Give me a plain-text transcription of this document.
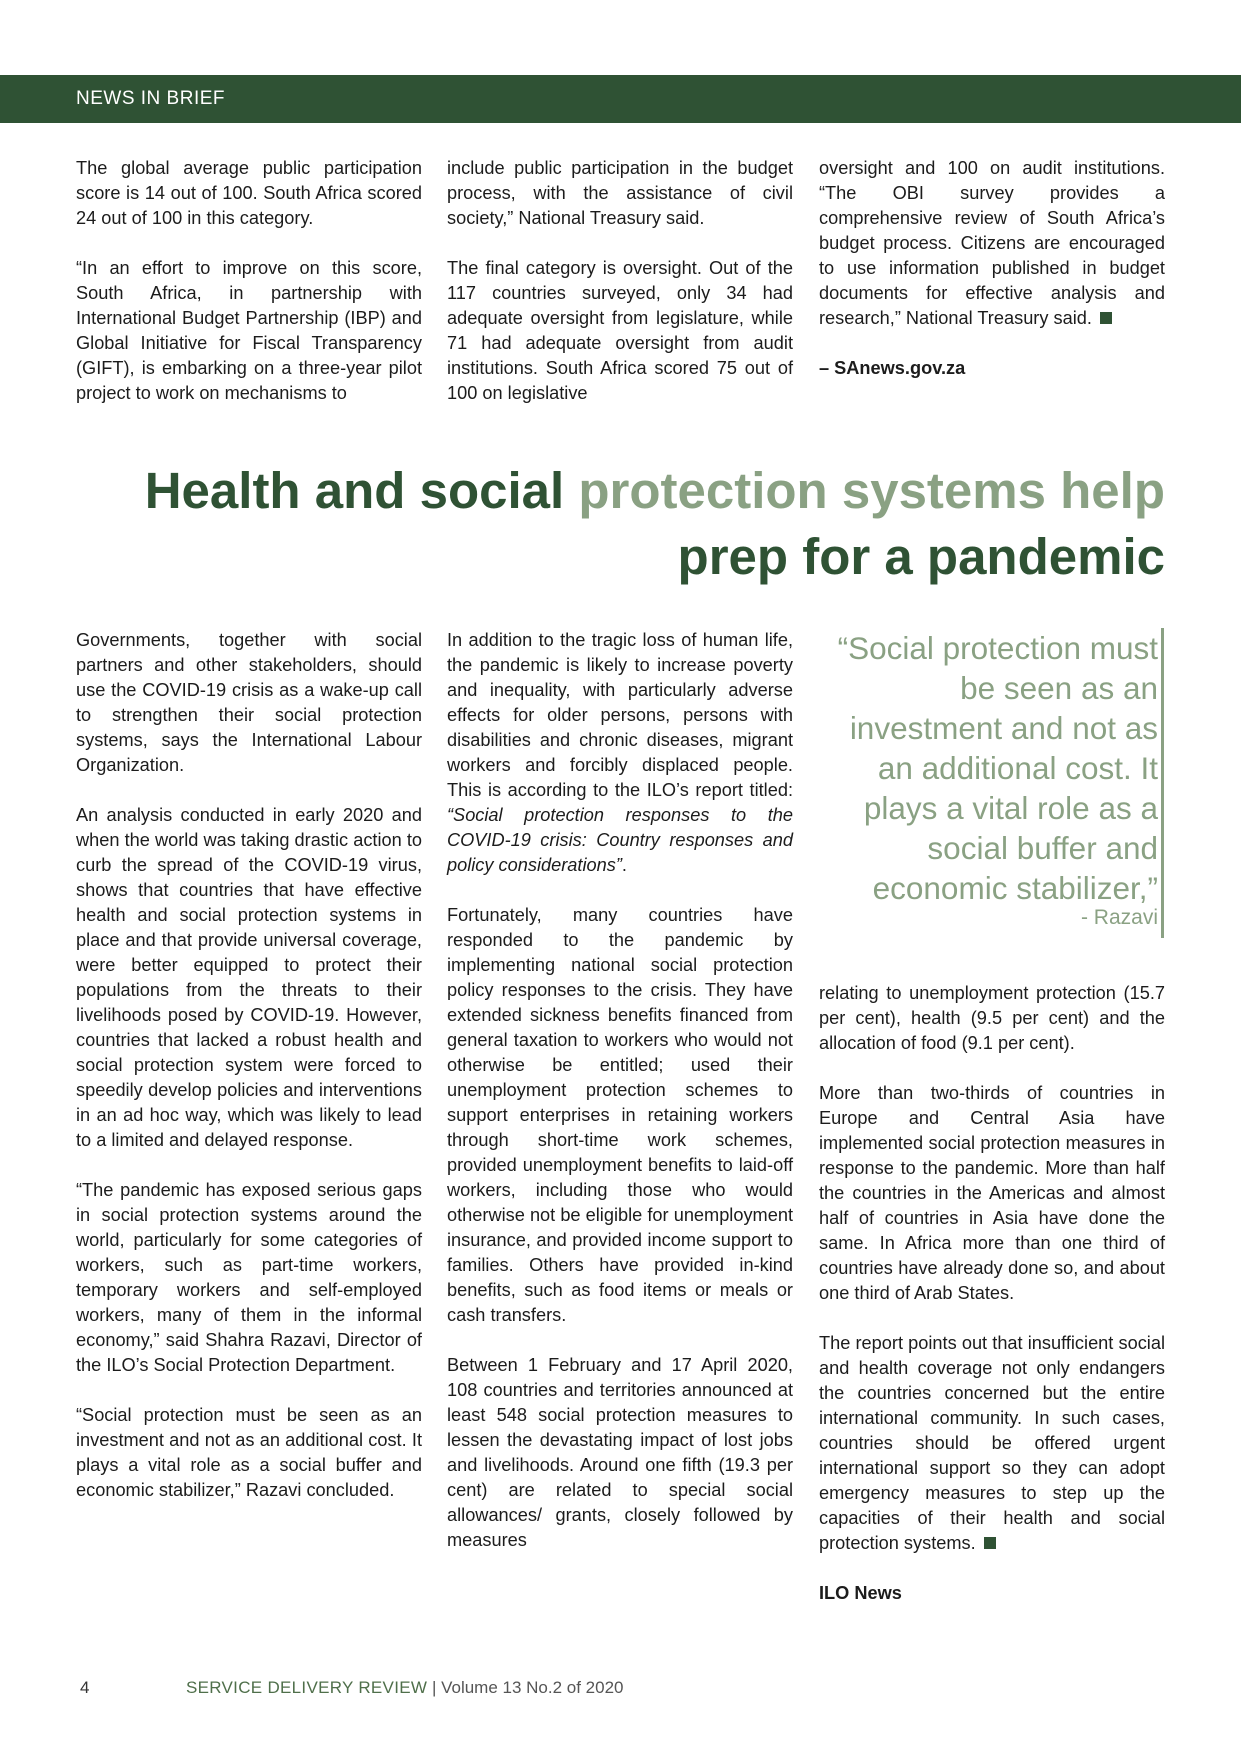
NEWS IN BRIEF

The global average public participation score is 14 out of 100. South Africa scored 24 out of 100 in this category.

“In an effort to improve on this score, South Africa, in partnership with International Budget Partnership (IBP) and Global Initiative for Fiscal Transparency (GIFT), is embarking on a three-year pilot project to work on mechanisms to

include public participation in the budget process, with the assistance of civil society,” National Treasury said.

The final category is oversight. Out of the 117 countries surveyed, only 34 had adequate oversight from legislature, while 71 had adequate oversight from audit institutions. South Africa scored 75 out of 100 on legislative

oversight and 100 on audit institutions. “The OBI survey provides a comprehensive review of South Africa’s budget process. Citizens are encouraged to use information published in budget documents for effective analysis and research,” National Treasury said.

– SAnews.gov.za

Health and social protection systems help
prep for a pandemic

Governments, together with social partners and other stakeholders, should use the COVID-19 crisis as a wake-up call to strengthen their social protection systems, says the International Labour Organization.

An analysis conducted in early 2020 and when the world was taking drastic action to curb the spread of the COVID-19 virus, shows that countries that have effective health and social protection systems in place and that provide universal coverage, were better equipped to protect their populations from the threats to their livelihoods posed by COVID-19. However, countries that lacked a robust health and social protection system were forced to speedily develop policies and interventions in an ad hoc way, which was likely to lead to a limited and delayed response.

“The pandemic has exposed serious gaps in social protection systems around the world, particularly for some categories of workers, such as part-time workers, temporary workers and self-employed workers, many of them in the informal economy,” said Shahra Razavi, Director of the ILO’s Social Protection Department.

“Social protection must be seen as an investment and not as an additional cost. It plays a vital role as a social buffer and economic stabilizer,” Razavi concluded.

In addition to the tragic loss of human life, the pandemic is likely to increase poverty and inequality, with particularly adverse effects for older persons, persons with disabilities and chronic diseases, migrant workers and forcibly displaced people. This is according to the ILO’s report titled: “Social protection responses to the COVID-19 crisis: Country responses and policy considerations”.

Fortunately, many countries have responded to the pandemic by implementing national social protection policy responses to the crisis. They have extended sickness benefits financed from general taxation to workers who would not otherwise be entitled; used their unemployment protection schemes to support enterprises in retaining workers through short-time work schemes, provided unemployment benefits to laid-off workers, including those who would otherwise not be eligible for unemployment insurance, and provided income support to families. Others have provided in-kind benefits, such as food items or meals or cash transfers.

Between 1 February and 17 April 2020, 108 countries and territories announced at least 548 social protection measures to lessen the devastating impact of lost jobs and livelihoods. Around one fifth (19.3 per cent) are related to special social allowances/ grants, closely followed by measures

“Social protection must be seen as an investment and not as an additional cost. It plays a vital role as a social buffer and economic stabilizer,”
- Razavi

relating to unemployment protection (15.7 per cent), health (9.5 per cent) and the allocation of food (9.1 per cent).

More than two-thirds of countries in Europe and Central Asia have implemented social protection measures in response to the pandemic. More than half the countries in the Americas and almost half of countries in Asia have done the same. In Africa more than one third of countries have already done so, and about one third of Arab States.

The report points out that insufficient social and health coverage not only endangers the countries concerned but the entire international community. In such cases, countries should be offered urgent international support so they can adopt emergency measures to step up the capacities of their health and social protection systems.

ILO News

4	SERVICE DELIVERY REVIEW | Volume 13 No.2 of 2020
